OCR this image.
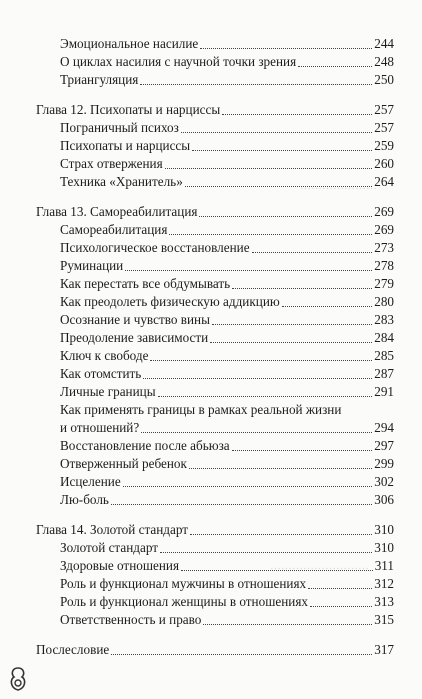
………………………
…………………
………………………
Эмоциональное насилие	244
О циклах насилия с научной точки зрения	248
Триангуляция	250
Глава 12. Психопаты и нарциссы	257
Пограничный психоз	257
Психопаты и нарциссы	259
Страх отвержения	260
Техника «Хранитель»	264
Глава 13. Самореабилитация	269
Самореабилитация	269
Психологическое восстановление	273
Руминации	278
Как перестать все обдумывать	279
Как преодолеть физическую аддикцию	280
Осознание и чувство вины	283
Преодоление зависимости	284
Ключ к свободе	285
Как отомстить	287
Личные границы	291
Как применять границы в рамках реальной жизни
и отношений?	294
Восстановление после абьюза	297
Отверженный ребенок	299
Исцеление	302
Лю-боль	306
Глава 14. Золотой стандарт	310
Золотой стандарт	310
Здоровые отношения	311
Роль и функционал мужчины в отношениях	312
Роль и функционал женщины в отношениях	313
Ответственность и право	315
Послесловие	317
